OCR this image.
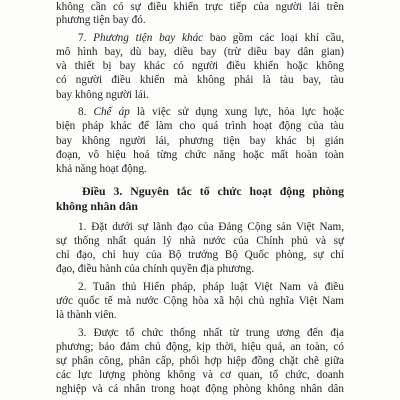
không cần có sự điều khiển trực tiếp của người lái trên
phương tiện bay đó.
7. Phương tiện bay khác bao gồm các loại khí cầu,
mô hình bay, dù bay, diều bay (trừ diều bay dân gian)
và thiết bị bay khác có người điều khiển hoặc không
có người điều khiển mà không phải là tàu bay, tàu
bay không người lái.
8. Chế áp là việc sử dụng xung lực, hỏa lực hoặc
biện pháp khác để làm cho quá trình hoạt động của tàu
bay không người lái, phương tiện bay khác bị gián
đoạn, vô hiệu hoá từng chức năng hoặc mất hoàn toàn
khả năng hoạt động.
Điều 3. Nguyên tắc tổ chức hoạt động phòng
không nhân dân
1. Đặt dưới sự lãnh đạo của Đảng Cộng sản Việt Nam,
sự thống nhất quản lý nhà nước của Chính phủ và sự
chỉ đạo, chỉ huy của Bộ trưởng Bộ Quốc phòng, sự chỉ
đạo, điều hành của chính quyền địa phương.
2. Tuân thủ Hiến pháp, pháp luật Việt Nam và điều
ước quốc tế mà nước Cộng hòa xã hội chủ nghĩa Việt Nam
là thành viên.
3. Được tổ chức thống nhất từ trung ương đến địa
phương; bảo đảm chủ động, kịp thời, hiệu quả, an toàn, có
sự phân công, phân cấp, phối hợp hiệp đồng chặt chẽ giữa
các lực lượng phòng không và cơ quan, tổ chức, doanh
nghiệp và cá nhân trong hoạt động phòng không nhân dân
